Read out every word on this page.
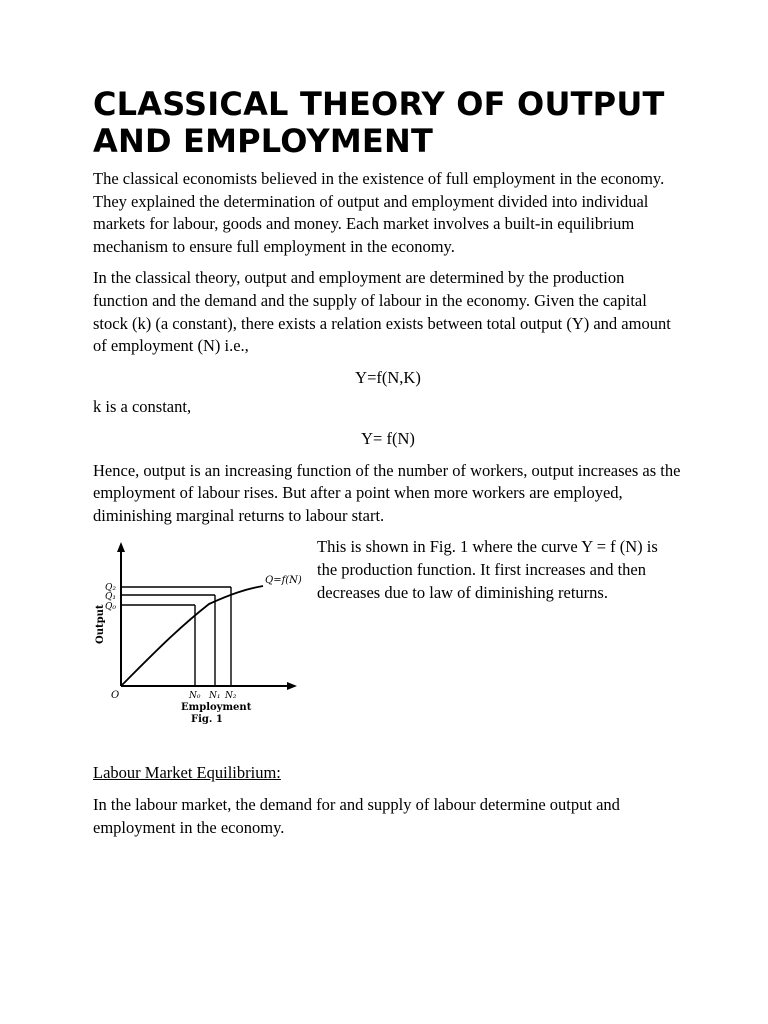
CLASSICAL THEORY OF OUTPUT AND EMPLOYMENT

The classical economists believed in the existence of full employment in the economy. They explained the determination of output and employment divided into individual markets for labour, goods and money. Each market involves a built-in equilibrium mechanism to ensure full employment in the economy.

In the classical theory, output and employment are determined by the production function and the demand and the supply of labour in the economy. Given the capital stock (k) (a constant), there exists a relation exists between total output (Y) and amount of employment (N) i.e.,

Y=f(N,K)

k is a constant,

Y= f(N)

Hence, output is an increasing function of the number of workers, output increases as the employment of labour rises. But after a point when more workers are employed, diminishing marginal returns to labour start.

Q=f(N)
Q₂
Q₁
Q₀
Output
O	N₀ N₁ N₂
Employment
Fig. 1

This is shown in Fig. 1 where the curve Y = f (N) is the production function. It first increases and then decreases due to law of diminishing returns.

Labour Market Equilibrium:

In the labour market, the demand for and supply of labour determine output and employment in the economy.
